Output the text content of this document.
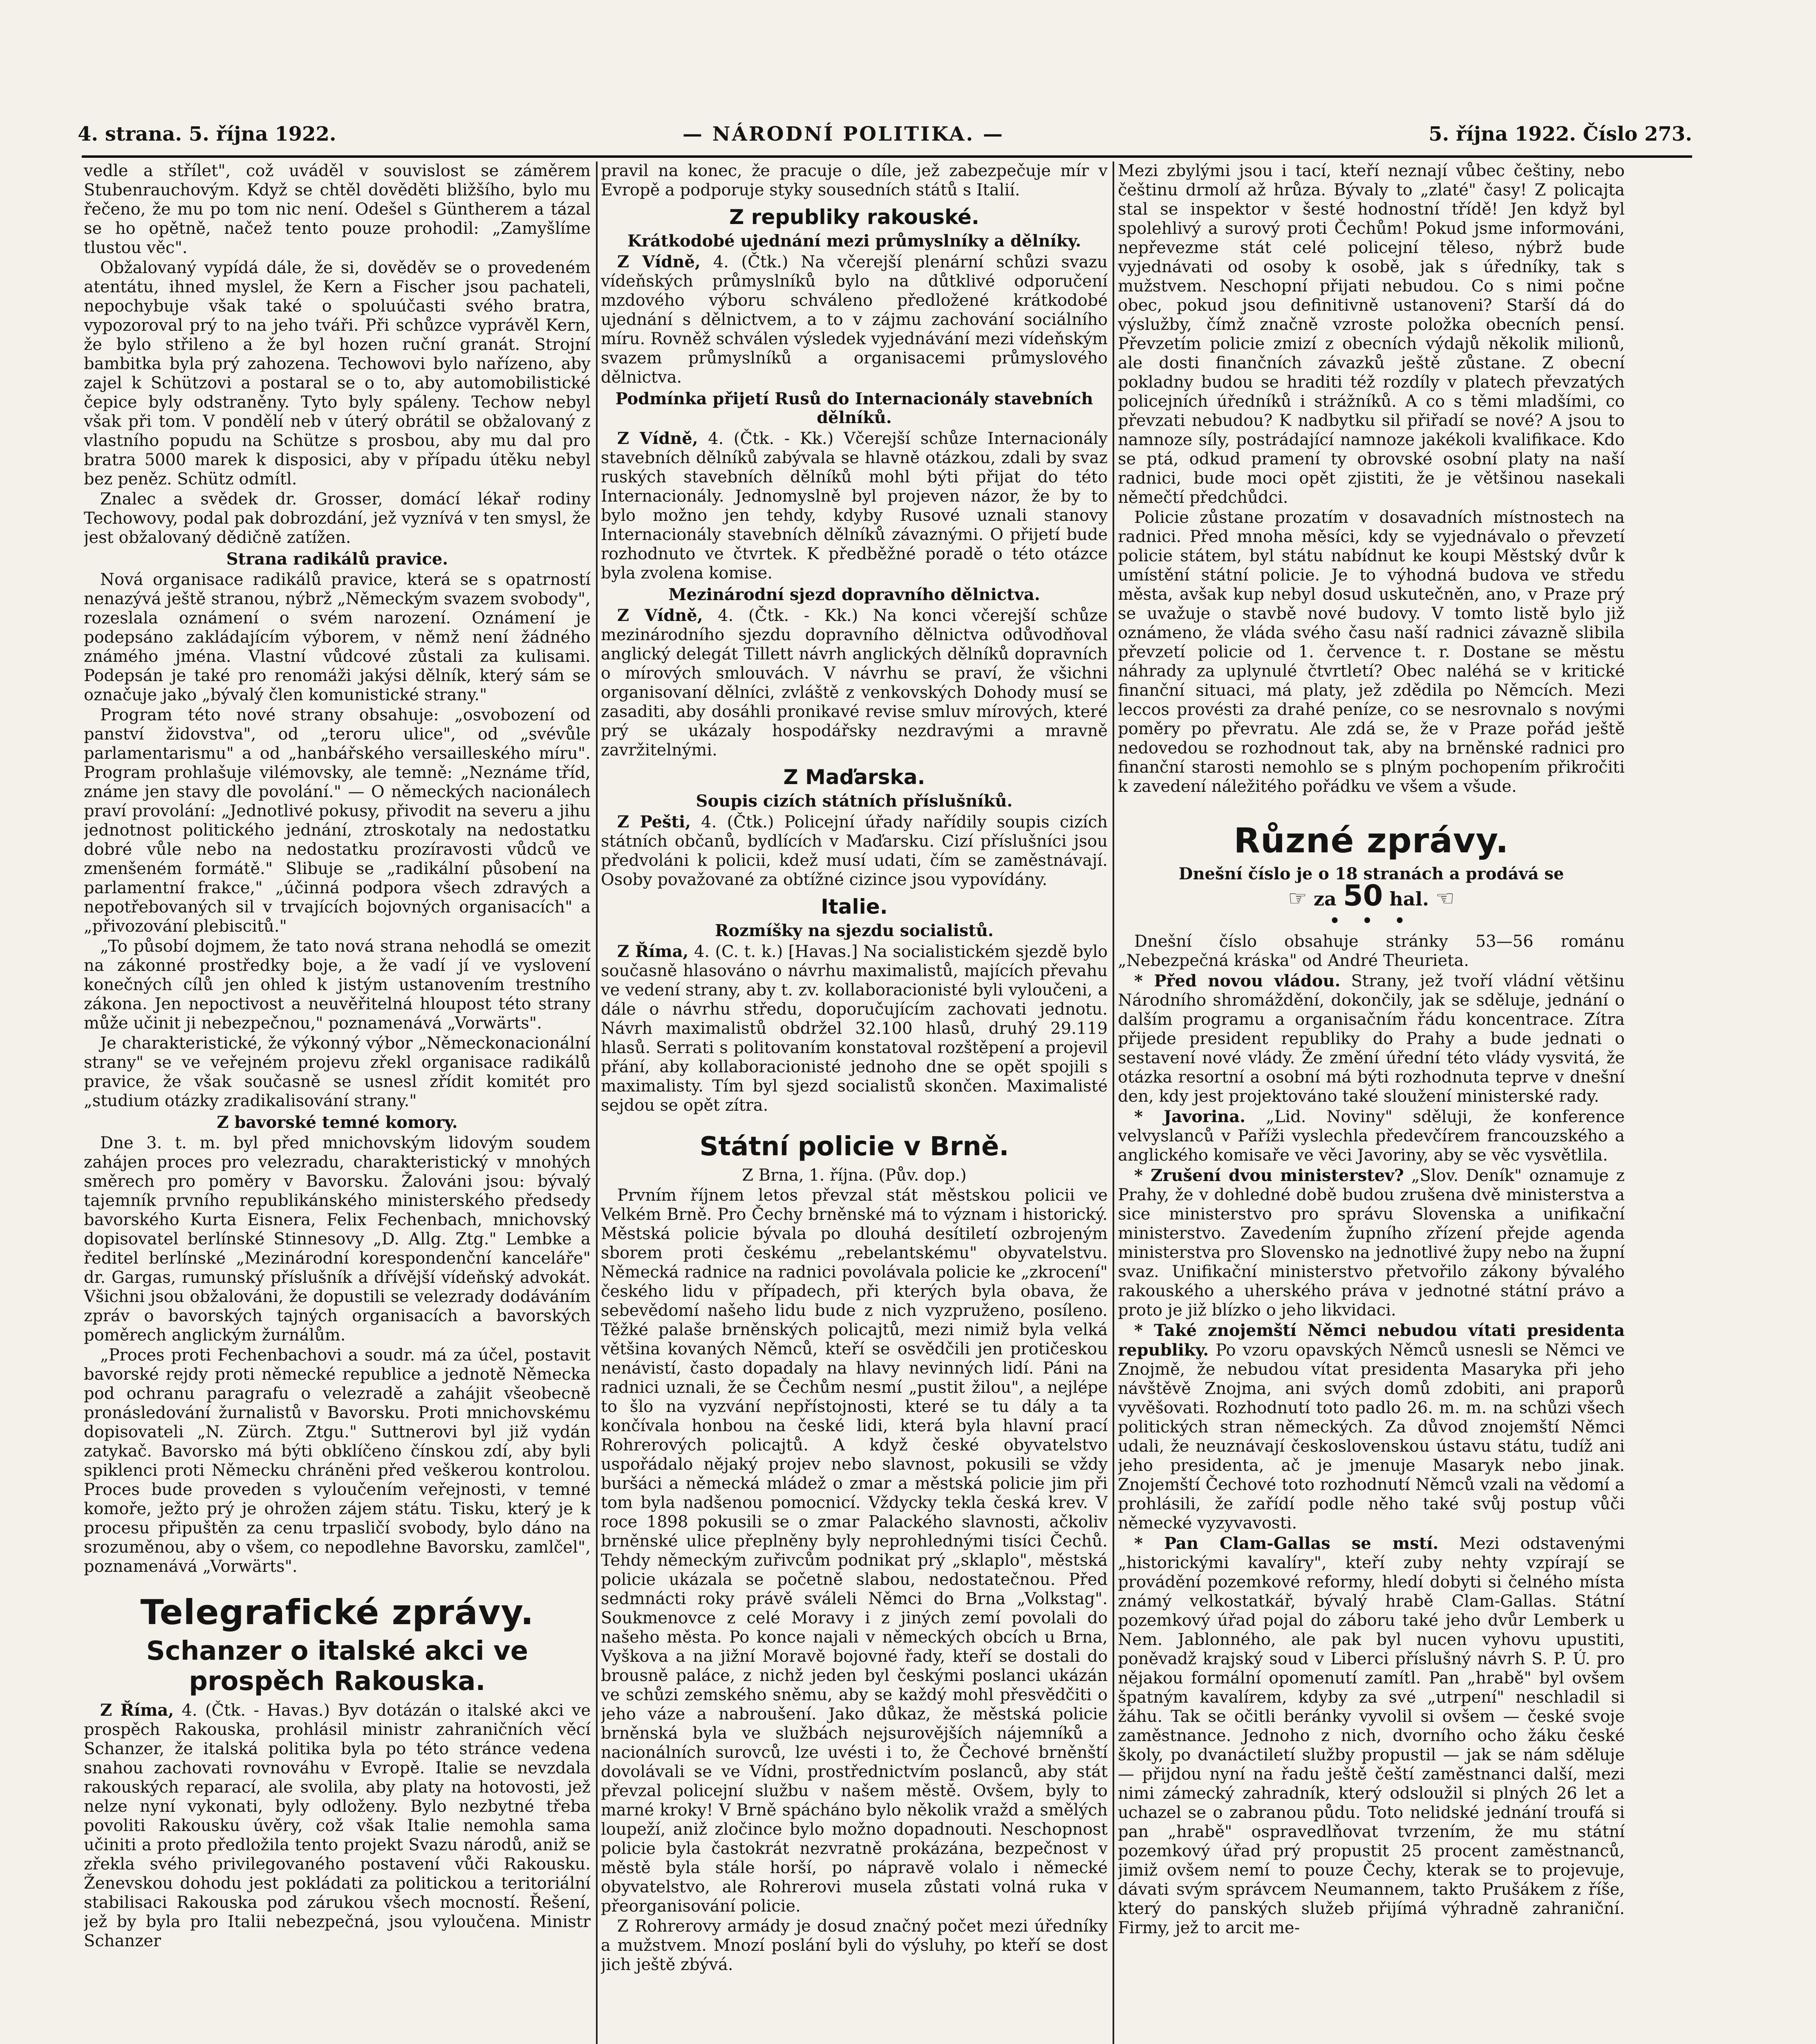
4. strana. 5. října 1922.	— NÁRODNÍ POLITIKA. —	5. října 1922. Číslo 273.

vedle a střílet", což uváděl v souvislost se záměrem Stubenrauchovým. Když se chtěl dověděti bližšího, bylo mu řečeno, že mu po tom nic není. Odešel s Güntherem a tázal se ho opětně, načež tento pouze prohodil: „Zamyšlíme tlustou věc".

Obžalovaný vypídá dále, že si, dověděv se o provedeném atentátu, ihned myslel, že Kern a Fischer jsou pachateli, nepochybuje však také o spoluúčasti svého bratra, vypozoroval prý to na jeho tváři. Při schůzce vyprávěl Kern, že bylo střileno a že byl hozen ruční granát. Strojní bambitka byla prý zahozena. Techowovi bylo nařízeno, aby zajel k Schützovi a postaral se o to, aby automobilistické čepice byly odstraněny. Tyto byly spáleny. Techow nebyl však při tom. V pondělí neb v úterý obrátil se obžalovaný z vlastního popudu na Schütze s prosbou, aby mu dal pro bratra 5000 marek k disposici, aby v případu útěku nebyl bez peněz. Schütz odmítl.

Znalec a svědek dr. Grosser, domácí lékař rodiny Techowovy, podal pak dobrozdání, jež vyznívá v ten smysl, že jest obžalovaný dědičně zatížen.

Strana radikálů pravice.

Nová organisace radikálů pravice, která se s opatrností nenazývá ještě stranou, nýbrž „Německým svazem svobody", rozeslala oznámení o svém narození. Oznámení je podepsáno zakládajícím výborem, v němž není žádného známého jména. Vlastní vůdcové zůstali za kulisami. Podepsán je také pro renomáži jakýsi dělník, který sám se označuje jako „bývalý člen komunistické strany."

Program této nové strany obsahuje: „osvobození od panství židovstva", od „teroru ulice", od „svévůle parlamentarismu" a od „hanbářského versailleského míru". Program prohlašuje vilémovsky, ale temně: „Neznáme tříd, známe jen stavy dle povolání." — O německých nacionálech praví provolání: „Jednotlivé pokusy, přivodit na severu a jihu jednotnost politického jednání, ztroskotaly na nedostatku dobré vůle nebo na nedostatku prozíravosti vůdců ve zmenšeném formátě." Slibuje se „radikální působení na parlamentní frakce," „účinná podpora všech zdravých a nepotřebovaných sil v trvajících bojovných organisacích" a „přivozování plebiscitů."

„To působí dojmem, že tato nová strana nehodlá se omezit na zákonné prostředky boje, a že vadí jí ve vyslovení konečných cílů jen ohled k jistým ustanovením trestního zákona. Jen nepoctivost a neuvěřitelná hloupost této strany může učinit ji nebezpečnou," poznamenává „Vorwärts".

Je charakteristické, že výkonný výbor „Německonacionální strany" se ve veřejném projevu zřekl organisace radikálů pravice, že však současně se usnesl zřídit komitét pro „studium otázky zradikalisování strany."

Z bavorské temné komory.

Dne 3. t. m. byl před mnichovským lidovým soudem zahájen proces pro velezradu, charakteristický v mnohých směrech pro poměry v Bavorsku. Žalováni jsou: bývalý tajemník prvního republikánského ministerského předsedy bavorského Kurta Eisnera, Felix Fechenbach, mnichovský dopisovatel berlínské Stinnesovy „D. Allg. Ztg." Lembke a ředitel berlínské „Mezinárodní korespondenční kanceláře" dr. Gargas, rumunský příslušník a dřívější vídeňský advokát. Všichni jsou obžalováni, že dopustili se velezrady dodáváním zpráv o bavorských tajných organisacích a bavorských poměrech anglickým žurnálům.

„Proces proti Fechenbachovi a soudr. má za účel, postavit bavorské rejdy proti německé republice a jednotě Německa pod ochranu paragrafu o velezradě a zahájit všeobecně pronásledování žurnalistů v Bavorsku. Proti mnichovskému dopisovateli „N. Zürch. Ztgu." Suttnerovi byl již vydán zatykač. Bavorsko má býti obklíčeno čínskou zdí, aby byli spiklenci proti Německu chráněni před veškerou kontrolou. Proces bude proveden s vyloučením veřejnosti, v temné komoře, ježto prý je ohrožen zájem státu. Tisku, který je k procesu připuštěn za cenu trpasličí svobody, bylo dáno na srozuměnou, aby o všem, co nepodlehne Bavorsku, zamlčel", poznamenává „Vorwärts".

Telegrafické zprávy.
Schanzer o italské akci ve prospěch Rakouska.

Z Říma, 4. (Čtk. - Havas.) Byv dotázán o italské akci ve prospěch Rakouska, prohlásil ministr zahraničních věcí Schanzer, že italská politika byla po této stránce vedena snahou zachovati rovnováhu v Evropě. Italie se nevzdala rakouských reparací, ale svolila, aby platy na hotovosti, jež nelze nyní vykonati, byly odloženy. Bylo nezbytné třeba povoliti Rakousku úvěry, což však Italie nemohla sama učiniti a proto předložila tento projekt Svazu národů, aniž se zřekla svého privilegovaného postavení vůči Rakousku. Ženevskou dohodu jest pokládati za politickou a teritoriální stabilisaci Rakouska pod zárukou všech mocností. Řešení, jež by byla pro Italii nebezpečná, jsou vyloučena. Ministr Schanzer

pravil na konec, že pracuje o díle, jež zabezpečuje mír v Evropě a podporuje styky sousedních států s Italií.

Z republiky rakouské.
Krátkodobé ujednání mezi průmyslníky a dělníky.

Z Vídně, 4. (Čtk.) Na včerejší plenární schůzi svazu vídeňských průmyslníků bylo na důtklivé odporučení mzdového výboru schváleno předložené krátkodobé ujednání s dělnictvem, a to v zájmu zachování sociálního míru. Rovněž schválen výsledek vyjednávání mezi vídeňským svazem průmyslníků a organisacemi průmyslového dělnictva.

Podmínka přijetí Rusů do Internacionály stavebních dělníků.

Z Vídně, 4. (Čtk. - Kk.) Včerejší schůze Internacionály stavebních dělníků zabývala se hlavně otázkou, zdali by svaz ruských stavebních dělníků mohl býti přijat do této Internacionály. Jednomyslně byl projeven názor, že by to bylo možno jen tehdy, kdyby Rusové uznali stanovy Internacionály stavebních dělníků závaznými. O přijetí bude rozhodnuto ve čtvrtek. K předběžné poradě o této otázce byla zvolena komise.

Mezinárodní sjezd dopravního dělnictva.

Z Vídně, 4. (Čtk. - Kk.) Na konci včerejší schůze mezinárodního sjezdu dopravního dělnictva odůvodňoval anglický delegát Tillett návrh anglických dělníků dopravních o mírových smlouvách. V návrhu se praví, že všichni organisovaní dělníci, zvláště z venkovských Dohody musí se zasaditi, aby dosáhli pronikavé revise smluv mírových, které prý se ukázaly hospodářsky nezdravými a mravně zavržitelnými.

Z Maďarska.
Soupis cizích státních příslušníků.

Z Pešti, 4. (Čtk.) Policejní úřady nařídily soupis cizích státních občanů, bydlících v Maďarsku. Cizí příslušníci jsou předvoláni k policii, kdež musí udati, čím se zaměstnávají. Osoby považované za obtížné cizince jsou vypovídány.

Italie.
Rozmíšky na sjezdu socialistů.

Z Říma, 4. (C. t. k.) [Havas.] Na socialistickém sjezdě bylo současně hlasováno o návrhu maximalistů, majících převahu ve vedení strany, aby t. zv. kollaboracionisté byli vyloučeni, a dále o návrhu středu, doporučujícím zachovati jednotu. Návrh maximalistů obdržel 32.100 hlasů, druhý 29.119 hlasů. Serrati s politovaním konstatoval rozštěpení a projevil přání, aby kollaboracionisté jednoho dne se opět spojili s maximalisty. Tím byl sjezd socialistů skončen. Maximalisté sejdou se opět zítra.

Státní policie v Brně.

Z Brna, 1. října. (Pův. dop.)

Prvním říjnem letos převzal stát městskou policii ve Velkém Brně. Pro Čechy brněnské má to význam i historický. Městská policie bývala po dlouhá desítiletí ozbrojeným sborem proti českému „rebelantskému" obyvatelstvu. Německá radnice na radnici povolávala policie ke „zkrocení" českého lidu v případech, při kterých byla obava, že sebevědomí našeho lidu bude z nich vyzpruženo, posíleno. Těžké palaše brněnských policajtů, mezi nimiž byla velká většina kovaných Němců, kteří se osvědčili jen protičeskou nenávistí, často dopadaly na hlavy nevinných lidí. Páni na radnici uznali, že se Čechům nesmí „pustit žilou", a nejlépe to šlo na vyzvání nepřístojnosti, které se tu dály a ta končívala honbou na české lidi, která byla hlavní prací Rohrerových policajtů. A když české obyvatelstvo uspořádalo nějaký projev nebo slavnost, pokusili se vždy buršáci a německá mládež o zmar a městská policie jim při tom byla nadšenou pomocnicí. Vždycky tekla česká krev. V roce 1898 pokusili se o zmar Palackého slavnosti, ačkoliv brněnské ulice přeplněny byly neprohlednými tisíci Čechů. Tehdy německým zuřivcům podnikat prý „sklaplo", městská policie ukázala se početně slabou, nedostatečnou. Před sedmnácti roky právě sváleli Němci do Brna „Volkstag". Soukmenovce z celé Moravy i z jiných zemí povolali do našeho města. Po konce najali v německých obcích u Brna, Vyškova a na jižní Moravě bojovné řady, kteří se dostali do brousně paláce, z nichž jeden byl českými poslanci ukázán ve schůzi zemského sněmu, aby se každý mohl přesvědčiti o jeho váze a nabroušení. Jako důkaz, že městská policie brněnská byla ve službách nejsurovějších nájemníků a nacionálních surovců, lze uvésti i to, že Čechové brněnští dovolávali se ve Vídni, prostřednictvím poslanců, aby stát převzal policejní službu v našem městě. Ovšem, byly to marné kroky! V Brně spácháno bylo několik vražd a smělých loupeží, aniž zločince bylo možno dopadnouti. Neschopnost policie byla častokrát nezvratně prokázána, bezpečnost v městě byla stále horší, po nápravě volalo i německé obyvatelstvo, ale Rohrerovi musela zůstati volná ruka v přeorganisování policie.

Z Rohrerovy armády je dosud značný počet mezi úředníky a mužstvem. Mnozí poslání byli do výsluhy, po kteří se dost jich ještě zbývá.

Mezi zbylými jsou i tací, kteří neznají vůbec češtiny, nebo češtinu drmolí až hrůza. Bývaly to „zlaté" časy! Z policajta stal se inspektor v šesté hodnostní třídě! Jen když byl spolehlivý a surový proti Čechům! Pokud jsme informováni, nepřevezme stát celé policejní těleso, nýbrž bude vyjednávati od osoby k osobě, jak s úředníky, tak s mužstvem. Neschopní přijati nebudou. Co s nimi počne obec, pokud jsou definitivně ustanoveni? Starší dá do výslužby, čímž značně vzroste položka obecních pensí. Převzetím policie zmizí z obecních výdajů několik milionů, ale dosti finančních závazků ještě zůstane. Z obecní pokladny budou se hraditi též rozdíly v platech převzatých policejních úředníků i strážníků. A co s těmi mladšími, co převzati nebudou? K nadbytku sil přiřadí se nové? A jsou to namnoze síly, postrádající namnoze jakékoli kvalifikace. Kdo se ptá, odkud pramení ty obrovské osobní platy na naší radnici, bude moci opět zjistiti, že je většinou nasekali němečtí předchůdci.

Policie zůstane prozatím v dosavadních místnostech na radnici. Před mnoha měsíci, kdy se vyjednávalo o převzetí policie státem, byl státu nabídnut ke koupi Městský dvůr k umístění státní policie. Je to výhodná budova ve středu města, avšak kup nebyl dosud uskutečněn, ano, v Praze prý se uvažuje o stavbě nové budovy. V tomto listě bylo již oznámeno, že vláda svého času naší radnici závazně slibila převzetí policie od 1. července t. r. Dostane se městu náhrady za uplynulé čtvrtletí? Obec naléhá se v kritické finanční situaci, má platy, jež zdědila po Němcích. Mezi leccos provésti za drahé peníze, co se nesrovnalo s novými poměry po převratu. Ale zdá se, že v Praze pořád ještě nedovedou se rozhodnout tak, aby na brněnské radnici pro finanční starosti nemohlo se s plným pochopením přikročiti k zavedení náležitého pořádku ve všem a všude.

Různé zprávy.
Dnešní číslo je o 18 stranách a prodává se
☞ za 50 hal. ☜
• • •

Dnešní číslo obsahuje stránky 53—56 románu „Nebezpečná kráska" od André Theurieta.

* Před novou vládou. Strany, jež tvoří vládní většinu Národního shromáždění, dokončily, jak se sděluje, jednání o dalším programu a organisačním řádu koncentrace. Zítra přijede president republiky do Prahy a bude jednati o sestavení nové vlády. Že změní úřední této vlády vysvitá, že otázka resortní a osobní má býti rozhodnuta teprve v dnešní den, kdy jest projektováno také sloužení ministerské rady.

* Javorina. „Lid. Noviny" sděluji, že konference velvyslanců v Paříži vyslechla předevčírem francouzského a anglického komisaře ve věci Javoriny, aby se věc vysvětlila.

* Zrušení dvou ministerstev? „Slov. Deník" oznamuje z Prahy, že v dohledné době budou zrušena dvě ministerstva a sice ministerstvo pro správu Slovenska a unifikační ministerstvo. Zavedením župního zřízení přejde agenda ministerstva pro Slovensko na jednotlivé župy nebo na župní svaz. Unifikační ministerstvo přetvořilo zákony bývalého rakouského a uherského práva v jednotné státní právo a proto je již blízko o jeho likvidaci.

* Také znojemští Němci nebudou vítati presidenta republiky. Po vzoru opavských Němců usnesli se Němci ve Znojmě, že nebudou vítat presidenta Masaryka při jeho návštěvě Znojma, ani svých domů zdobiti, ani praporů vyvěšovati. Rozhodnutí toto padlo 26. m. m. na schůzi všech politických stran německých. Za důvod znojemští Němci udali, že neuznávají československou ústavu státu, tudíž ani jeho presidenta, ač je jmenuje Masaryk nebo jinak. Znojemští Čechové toto rozhodnutí Němců vzali na vědomí a prohlásili, že zařídí podle něho také svůj postup vůči německé vyzyvavosti.

* Pan Clam-Gallas se mstí. Mezi odstavenými „historickými kavalíry", kteří zuby nehty vzpírají se provádění pozemkové reformy, hledí dobyti si čelného místa známý velkostatkář, bývalý hrabě Clam-Gallas. Státní pozemkový úřad pojal do záboru také jeho dvůr Lemberk u Nem. Jablonného, ale pak byl nucen vyhovu upustiti, poněvadž krajský soud v Liberci příslušný návrh S. P. Ú. pro nějakou formální opomenutí zamítl. Pan „hrabě" byl ovšem špatným kavalírem, kdyby za své „utrpení" neschladil si žáhu. Tak se očitli beránky vyvolil si ovšem — české svoje zaměstnance. Jednoho z nich, dvorního ocho žáku české školy, po dvanáctiletí služby propustil — jak se nám sděluje — přijdou nyní na řadu ještě čeští zaměstnanci další, mezi nimi zámecký zahradník, který odsloužil si plných 26 let a uchazel se o zabranou půdu. Toto nelidské jednání troufá si pan „hrabě" ospravedlňovat tvrzením, že mu státní pozemkový úřad prý propustit 25 procent zaměstnanců, jimiž ovšem nemí to pouze Čechy, kterak se to projevuje, dávati svým správcem Neumannem, takto Prušákem z říše, který do panských služeb přijímá výhradně zahraniční. Firmy, jež to arcit me-
